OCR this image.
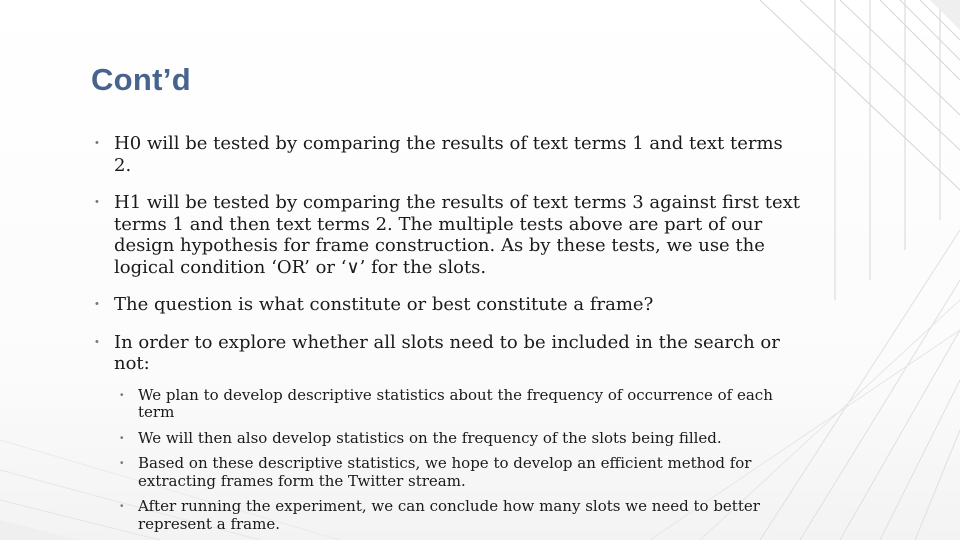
Cont’d
• H0 will be tested by comparing the results of text terms 1 and text terms 2.
• H1 will be tested by comparing the results of text terms 3 against first text terms 1 and then text terms 2. The multiple tests above are part of our design hypothesis for frame construction. As by these tests, we use the logical condition ‘OR’ or ‘∨’ for the slots.
• The question is what constitute or best constitute a frame?
• In order to explore whether all slots need to be included in the search or not:
• We plan to develop descriptive statistics about the frequency of occurrence of each term
• We will then also develop statistics on the frequency of the slots being filled.
• Based on these descriptive statistics, we hope to develop an efficient method for extracting frames form the Twitter stream.
• After running the experiment, we can conclude how many slots we need to better represent a frame.
